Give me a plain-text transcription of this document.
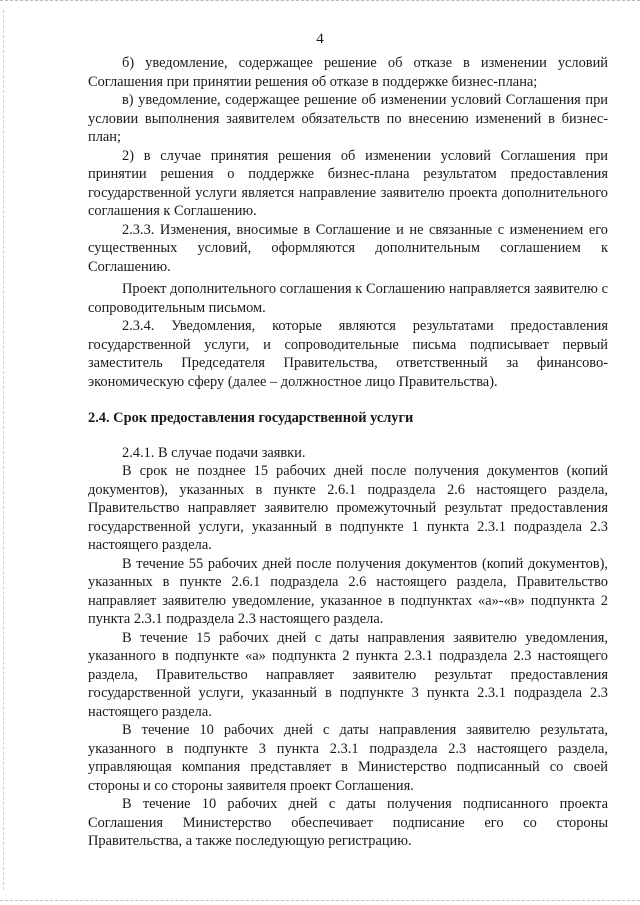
4

б) уведомление, содержащее решение об отказе в изменении условий Соглашения при принятии решения об отказе в поддержке бизнес-плана;

в) уведомление, содержащее решение об изменении условий Соглашения при условии выполнения заявителем обязательств по внесению изменений в бизнес-план;

2) в случае принятия решения об изменении условий Соглашения при принятии решения о поддержке бизнес-плана результатом предоставления государственной услуги является направление заявителю проекта дополнительного соглашения к Соглашению.

2.3.3. Изменения, вносимые в Соглашение и не связанные с изменением его существенных условий, оформляются дополнительным соглашением к Соглашению.

Проект дополнительного соглашения к Соглашению направляется заявителю с сопроводительным письмом.

2.3.4. Уведомления, которые являются результатами предоставления государственной услуги, и сопроводительные письма подписывает первый заместитель Председателя Правительства, ответственный за финансово-экономическую сферу (далее – должностное лицо Правительства).

2.4. Срок предоставления государственной услуги

2.4.1. В случае подачи заявки.

В срок не позднее 15 рабочих дней после получения документов (копий документов), указанных в пункте 2.6.1 подраздела 2.6 настоящего раздела, Правительство направляет заявителю промежуточный результат предоставления государственной услуги, указанный в подпункте 1 пункта 2.3.1 подраздела 2.3 настоящего раздела.

В течение 55 рабочих дней после получения документов (копий документов), указанных в пункте 2.6.1 подраздела 2.6 настоящего раздела, Правительство направляет заявителю уведомление, указанное в подпунктах «а»-«в» подпункта 2 пункта 2.3.1 подраздела 2.3 настоящего раздела.

В течение 15 рабочих дней с даты направления заявителю уведомления, указанного в подпункте «а» подпункта 2 пункта 2.3.1 подраздела 2.3 настоящего раздела, Правительство направляет заявителю результат предоставления государственной услуги, указанный в подпункте 3 пункта 2.3.1 подраздела 2.3 настоящего раздела.

В течение 10 рабочих дней с даты направления заявителю результата, указанного в подпункте 3 пункта 2.3.1 подраздела 2.3 настоящего раздела, управляющая компания представляет в Министерство подписанный со своей стороны и со стороны заявителя проект Соглашения.

В течение 10 рабочих дней с даты получения подписанного проекта Соглашения Министерство обеспечивает подписание его со стороны Правительства, а также последующую регистрацию.
